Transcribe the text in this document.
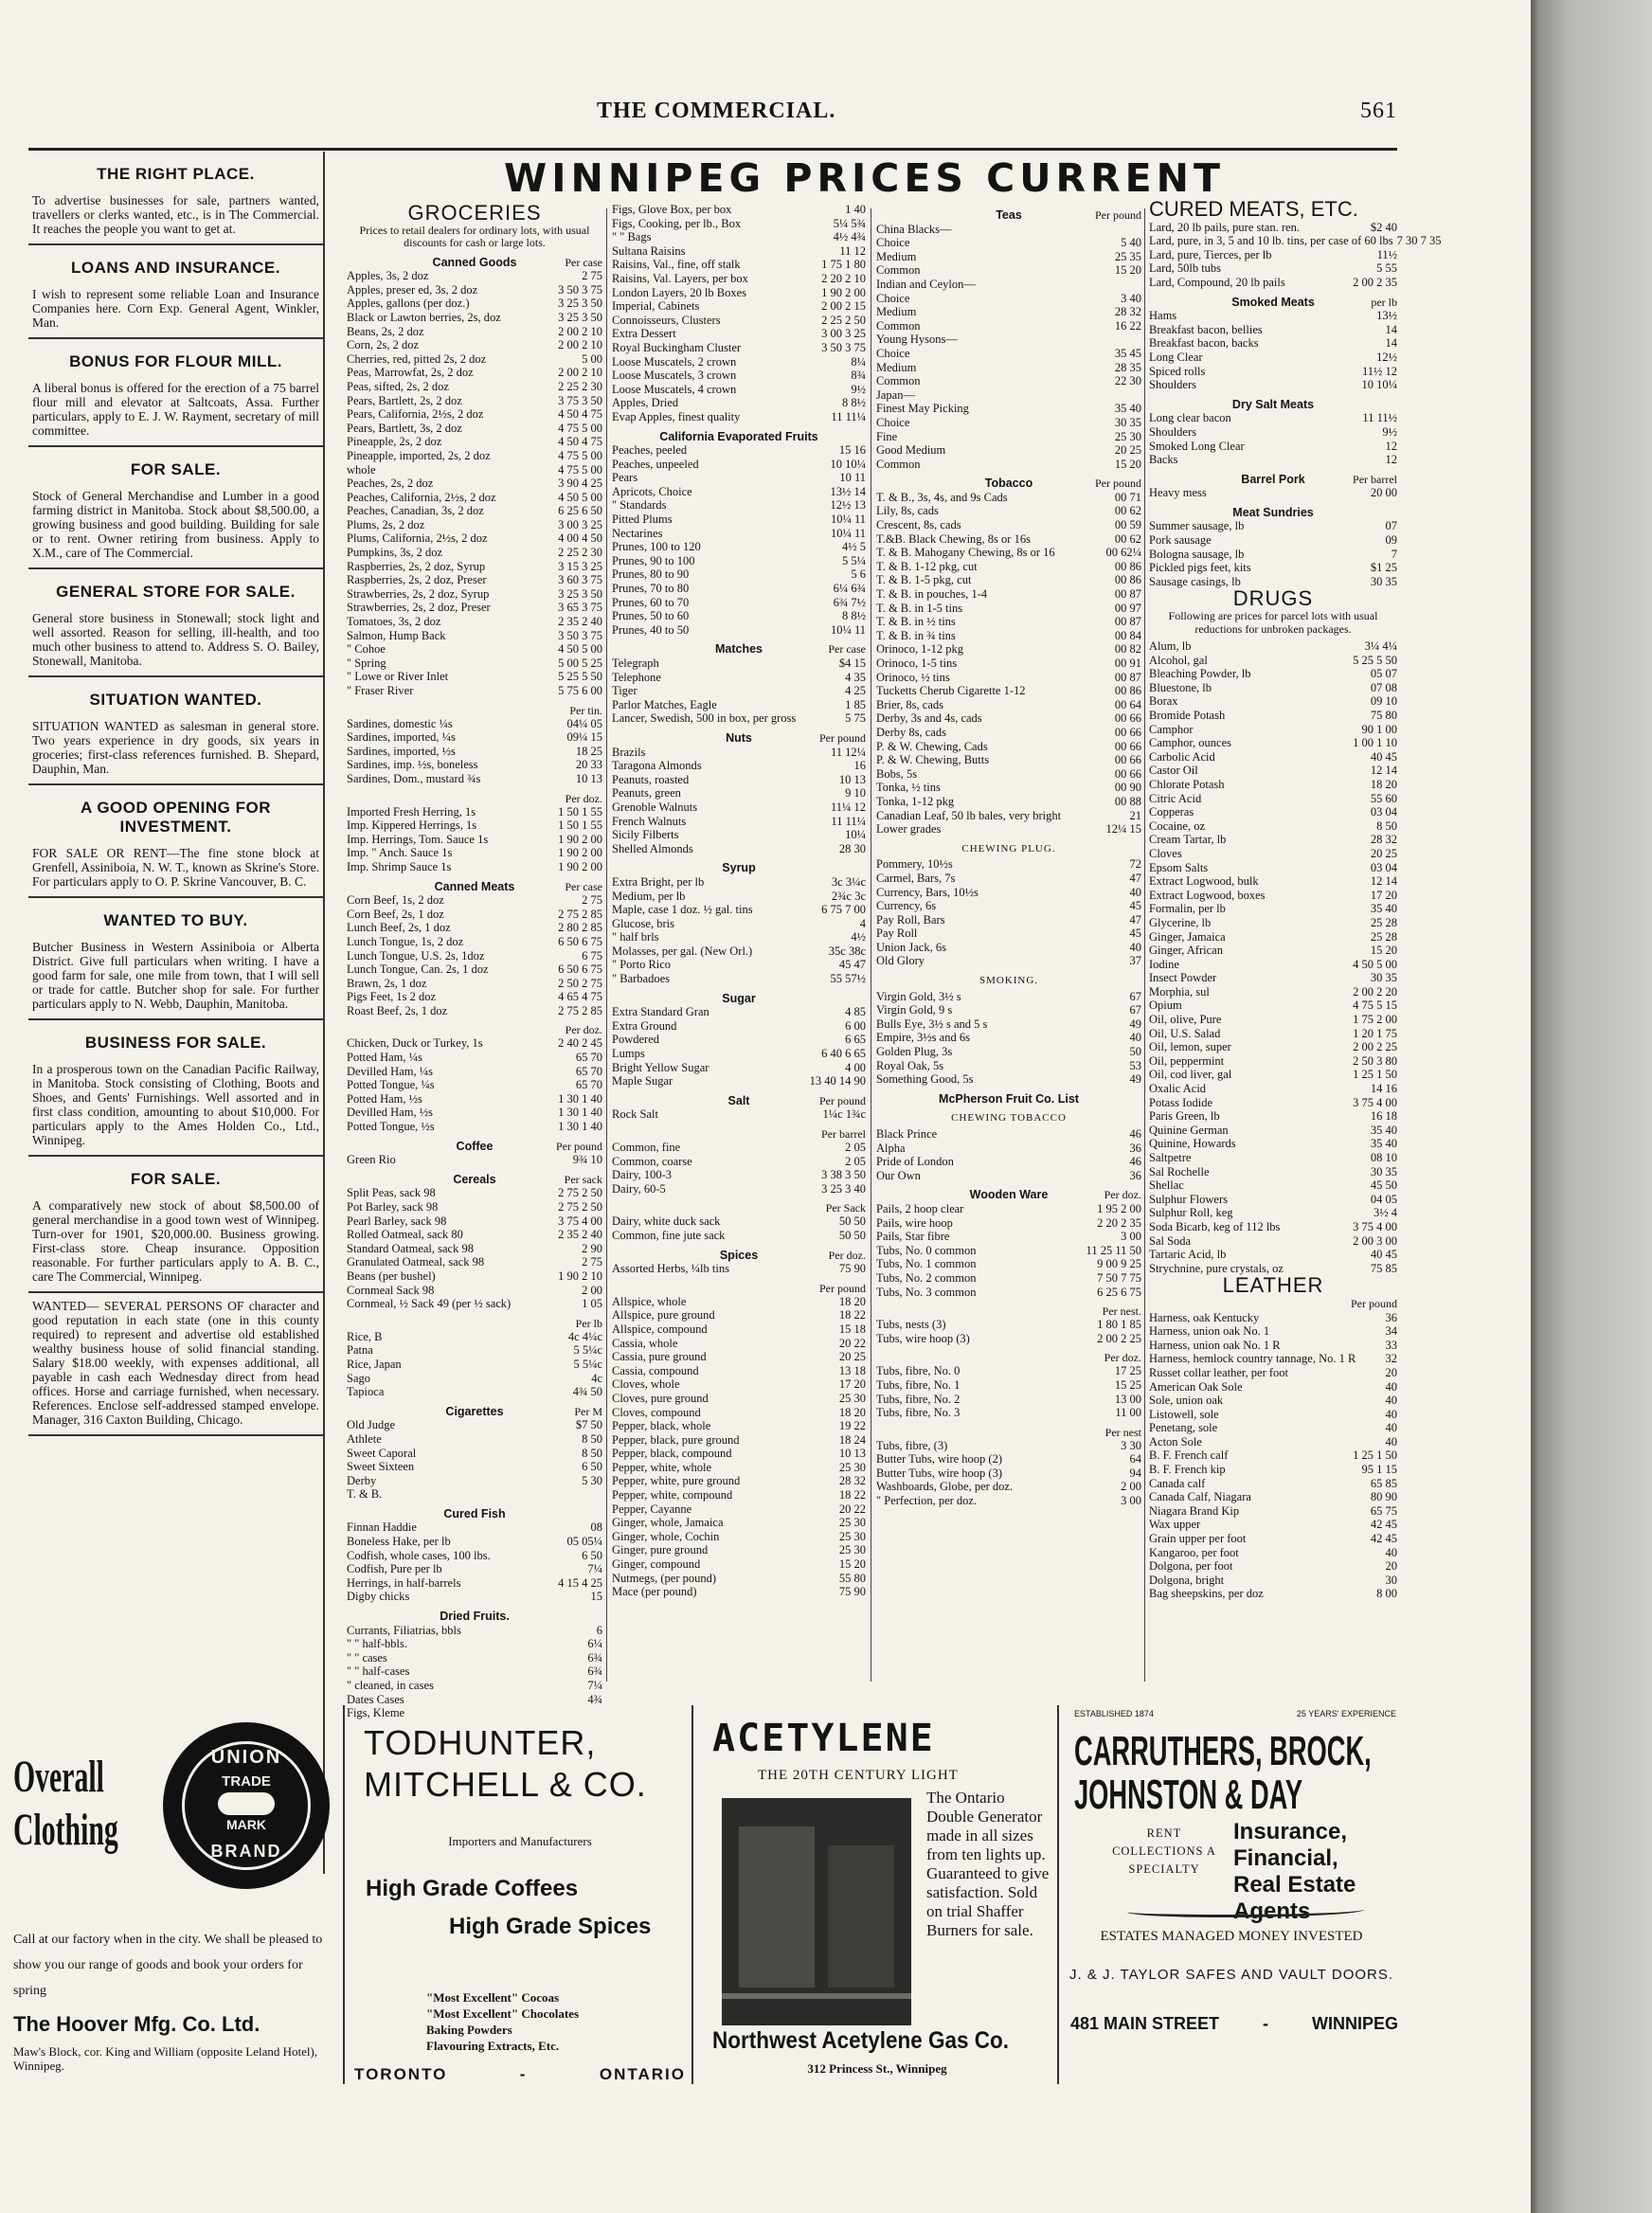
THE COMMERCIAL.	561
THE RIGHT PLACE.

To advertise businesses for sale, partners wanted, travellers or clerks wanted, etc., is in The Commercial. It reaches the people you want to get at.

LOANS AND INSURANCE.

I wish to represent some reliable Loan and Insurance Companies here. Corn Exp. General Agent, Winkler, Man.

BONUS FOR FLOUR MILL.

A liberal bonus is offered for the erection of a 75 barrel flour mill and elevator at Saltcoats, Assa. Further particulars, apply to E. J. W. Rayment, secretary of mill committee.

FOR SALE.

Stock of General Merchandise and Lumber in a good farming district in Manitoba. Stock about $8,500.00, a growing business and good building. Building for sale or to rent. Owner retiring from business. Apply to X.M., care of The Commercial.

GENERAL STORE FOR SALE.

General store business in Stonewall; stock light and well assorted. Reason for selling, ill-health, and too much other business to attend to. Address S. O. Bailey, Stonewall, Manitoba.

SITUATION WANTED.

SITUATION WANTED as salesman in general store. Two years experience in dry goods, six years in groceries; first-class references furnished. B. Shepard, Dauphin, Man.

A GOOD OPENING FOR INVESTMENT.

FOR SALE OR RENT—The fine stone block at Grenfell, Assiniboia, N. W. T., known as Skrine's Store. For particulars apply to O. P. Skrine Vancouver, B. C.

WANTED TO BUY.

Butcher Business in Western Assiniboia or Alberta District. Give full particulars when writing. I have a good farm for sale, one mile from town, that I will sell or trade for cattle. Butcher shop for sale. For further particulars apply to N. Webb, Dauphin, Manitoba.

BUSINESS FOR SALE.

In a prosperous town on the Canadian Pacific Railway, in Manitoba. Stock consisting of Clothing, Boots and Shoes, and Gents' Furnishings. Well assorted and in first class condition, amounting to about $10,000. For particulars apply to the Ames Holden Co., Ltd., Winnipeg.

FOR SALE.

A comparatively new stock of about $8,500.00 of general merchandise in a good town west of Winnipeg. Turn-over for 1901, $20,000.00. Business growing. First-class store. Cheap insurance. Opposition reasonable. For further particulars apply to A. B. C., care The Commercial, Winnipeg.

WANTED— SEVERAL PERSONS OF character and good reputation in each state (one in this county required) to represent and advertise old established wealthy business house of solid financial standing. Salary $18.00 weekly, with expenses additional, all payable in cash each Wednesday direct from head offices. Horse and carriage furnished, when necessary. References. Enclose self-addressed stamped envelope. Manager, 316 Caxton Building, Chicago.

WINNIPEG PRICES CURRENT
GROCERIES
Prices to retail dealers for ordinary lots, with usual discounts for cash or large lots.
Canned Goods	Per case
Apples, 3s, 2 doz	2 75
Apples, preser ed, 3s, 2 doz	3 50 3 75
Apples, gallons (per doz.)	3 25 3 50
Black or Lawton berries, 2s, doz	3 25 3 50
Beans, 2s, 2 doz	2 00 2 10
Corn, 2s, 2 doz	2 00 2 10
Cherries, red, pitted 2s, 2 doz	5 00
Peas, Marrowfat, 2s, 2 doz	2 00 2 10
Peas, sifted, 2s, 2 doz	2 25 2 30
Pears, Bartlett, 2s, 2 doz	3 75 3 50
Pears, California, 2½s, 2 doz	4 50 4 75
Pears, Bartlett, 3s, 2 doz	4 75 5 00
Pineapple, 2s, 2 doz	4 50 4 75
Pineapple, imported, 2s, 2 doz	4 75 5 00
whole	4 75 5 00
Peaches, 2s, 2 doz	3 90 4 25
Peaches, California, 2½s, 2 doz	4 50 5 00
Peaches, Canadian, 3s, 2 doz	6 25 6 50
Plums, 2s, 2 doz	3 00 3 25
Plums, California, 2½s, 2 doz	4 00 4 50
Pumpkins, 3s, 2 doz	2 25 2 30
Raspberries, 2s, 2 doz, Syrup	3 15 3 25
Raspberries, 2s, 2 doz, Preser	3 60 3 75
Strawberries, 2s, 2 doz, Syrup	3 25 3 50
Strawberries, 2s, 2 doz, Preser	3 65 3 75
Tomatoes, 3s, 2 doz	2 35 2 40
Salmon, Hump Back	3 50 3 75
" Cohoe	4 50 5 00
" Spring	5 00 5 25
" Lowe or River Inlet	5 25 5 50
" Fraser River	5 75 6 00
Per tin.
Sardines, domestic ¼s	04¼ 05
Sardines, imported, ¼s	09¼ 15
Sardines, imported, ½s	18 25
Sardines, imp. ½s, boneless	20 33
Sardines, Dom., mustard ¾s	10 13
Per doz.
Imported Fresh Herring, 1s	1 50 1 55
Imp. Kippered Herrings, 1s	1 50 1 55
Imp. Herrings, Tom. Sauce 1s	1 90 2 00
Imp. " Anch. Sauce 1s	1 90 2 00
Imp. Shrimp Sauce 1s	1 90 2 00
Canned Meats	Per case
Corn Beef, 1s, 2 doz	2 75
Corn Beef, 2s, 1 doz	2 75 2 85
Lunch Beef, 2s, 1 doz	2 80 2 85
Lunch Tongue, 1s, 2 doz	6 50 6 75
Lunch Tongue, U.S. 2s, 1doz	6 75
Lunch Tongue, Can. 2s, 1 doz	6 50 6 75
Brawn, 2s, 1 doz	2 50 2 75
Pigs Feet, 1s 2 doz	4 65 4 75
Roast Beef, 2s, 1 doz	2 75 2 85
Per doz.
Chicken, Duck or Turkey, 1s	2 40 2 45
Potted Ham, ¼s	65 70
Devilled Ham, ¼s	65 70
Potted Tongue, ¼s	65 70
Potted Ham, ½s	1 30 1 40
Devilled Ham, ½s	1 30 1 40
Potted Tongue, ½s	1 30 1 40
Coffee	Per pound
Green Rio	9¾ 10
Cereals	Per sack
Split Peas, sack 98	2 75 2 50
Pot Barley, sack 98	2 75 2 50
Pearl Barley, sack 98	3 75 4 00
Rolled Oatmeal, sack 80	2 35 2 40
Standard Oatmeal, sack 98	2 90
Granulated Oatmeal, sack 98	2 75
Beans (per bushel)	1 90 2 10
Cornmeal Sack 98	2 00
Cornmeal, ½ Sack 49 (per ½ sack)	1 05
Per lb
Rice, B	4c 4¼c
Patna	5 5¼c
Rice, Japan	5 5¼c
Sago	4c
Tapioca	4¾ 50
Cigarettes	Per M
Old Judge	$7 50
Athlete	8 50
Sweet Caporal	8 50
Sweet Sixteen	6 50
Derby	5 30
T. & B.
Cured Fish
Finnan Haddie	08
Boneless Hake, per lb	05 05¼
Codfish, whole cases, 100 lbs.	6 50
Codfish, Pure per lb	7¼
Herrings, in half-barrels	4 15 4 25
Digby chicks	15
Dried Fruits.
Currants, Filiatrias, bbls	6
" " half-bbls.	6¼
" " cases	6¾
" " half-cases	6¾
" cleaned, in cases	7¼
Dates Cases	4¾
Figs, Kleme
Figs, Glove Box, per box	1 40
Figs, Cooking, per lb., Box	5¼ 5¾
" " Bags	4½ 4¾
Sultana Raisins	11 12
Raisins, Val., fine, off stalk	1 75 1 80
Raisins, Val. Layers, per box	2 20 2 10
London Layers, 20 lb Boxes	1 90 2 00
Imperial, Cabinets	2 00 2 15
Connoisseurs, Clusters	2 25 2 50
Extra Dessert	3 00 3 25
Royal Buckingham Cluster	3 50 3 75
Loose Muscatels, 2 crown	8¼
Loose Muscatels, 3 crown	8¾
Loose Muscatels, 4 crown	9½
Apples, Dried	8 8½
Evap Apples, finest quality	11 11¼
California Evaporated Fruits
Peaches, peeled	15 16
Peaches, unpeeled	10 10¼
Pears	10 11
Apricots, Choice	13½ 14
" Standards	12½ 13
Pitted Plums	10¼ 11
Nectarines	10¼ 11
Prunes, 100 to 120	4½ 5
Prunes, 90 to 100	5 5¼
Prunes, 80 to 90	5 6
Prunes, 70 to 80	6¼ 6¾
Prunes, 60 to 70	6¾ 7½
Prunes, 50 to 60	8 8½
Prunes, 40 to 50	10¼ 11
Matches	Per case
Telegraph	$4 15
Telephone	4 35
Tiger	4 25
Parlor Matches, Eagle	1 85
Lancer, Swedish, 500 in box, per gross	5 75
Nuts	Per pound
Brazils	11 12¼
Taragona Almonds	16
Peanuts, roasted	10 13
Peanuts, green	9 10
Grenoble Walnuts	11¼ 12
French Walnuts	11 11¼
Sicily Filberts	10¼
Shelled Almonds	28 30
Syrup
Extra Bright, per lb	3c 3¼c
Medium, per lb	2¾c 3c
Maple, case 1 doz. ½ gal. tins	6 75 7 00
Glucose, bris	4
" half brls	4½
Molasses, per gal. (New Orl.)	35c 38c
" Porto Rico	45 47
" Barbadoes	55 57½
Sugar
Extra Standard Gran	4 85
Extra Ground	6 00
Powdered	6 65
Lumps	6 40 6 65
Bright Yellow Sugar	4 00
Maple Sugar	13 40 14 90
Salt	Per pound
Rock Salt	1¼c 1¾c
Per barrel
Common, fine	2 05
Common, coarse	2 05
Dairy, 100-3	3 38 3 50
Dairy, 60-5	3 25 3 40
Per Sack
Dairy, white duck sack	50 50
Common, fine jute sack	50 50
Spices	Per doz.
Assorted Herbs, ¼lb tins	75 90
Per pound
Allspice, whole	18 20
Allspice, pure ground	18 22
Allspice, compound	15 18
Cassia, whole	20 22
Cassia, pure ground	20 25
Cassia, compound	13 18
Cloves, whole	17 20
Cloves, pure ground	25 30
Cloves, compound	18 20
Pepper, black, whole	19 22
Pepper, black, pure ground	18 24
Pepper, black, compound	10 13
Pepper, white, whole	25 30
Pepper, white, pure ground	28 32
Pepper, white, compound	18 22
Pepper, Cayanne	20 22
Ginger, whole, Jamaica	25 30
Ginger, whole, Cochin	25 30
Ginger, pure ground	25 30
Ginger, compound	15 20
Nutmegs, (per pound)	55 80
Mace (per pound)	75 90
Teas	Per pound
China Blacks—
Choice	5 40
Medium	25 35
Common	15 20
Indian and Ceylon—
Choice	3 40
Medium	28 32
Common	16 22
Young Hysons—
Choice	35 45
Medium	28 35
Common	22 30
Japan—
Finest May Picking	35 40
Choice	30 35
Fine	25 30
Good Medium	20 25
Common	15 20
Tobacco	Per pound
T. & B., 3s, 4s, and 9s Cads	00 71
Lily, 8s, cads	00 62
Crescent, 8s, cads	00 59
T.&B. Black Chewing, 8s or 16s	00 62
T. & B. Mahogany Chewing, 8s or 16	00 62¼
T. & B. 1-12 pkg, cut	00 86
T. & B. 1-5 pkg, cut	00 86
T. & B. in pouches, 1-4	00 87
T. & B. in 1-5 tins	00 97
T. & B. in ½ tins	00 87
T. & B. in ¾ tins	00 84
Orinoco, 1-12 pkg	00 82
Orinoco, 1-5 tins	00 91
Orinoco, ½ tins	00 87
Tucketts Cherub Cigarette 1-12	00 86
Brier, 8s, cads	00 64
Derby, 3s and 4s, cads	00 66
Derby 8s, cads	00 66
P. & W. Chewing, Cads	00 66
P. & W. Chewing, Butts	00 66
Bobs, 5s	00 66
Tonka, ½ tins	00 90
Tonka, 1-12 pkg	00 88
Canadian Leaf, 50 lb bales, very bright	21
Lower grades	12¼ 15
CHEWING PLUG.
Pommery, 10½s	72
Carmel, Bars, 7s	47
Currency, Bars, 10½s	40
Currency, 6s	45
Pay Roll, Bars	47
Pay Roll	45
Union Jack, 6s	40
Old Glory	37
SMOKING.
Virgin Gold, 3½ s	67
Virgin Gold, 9 s	67
Bulls Eye, 3½ s and 5 s	49
Empire, 3½s and 6s	40
Golden Plug, 3s	50
Royal Oak, 5s	53
Something Good, 5s	49
McPherson Fruit Co. List
CHEWING TOBACCO
Black Prince	46
Alpha	36
Pride of London	46
Our Own	36
Wooden Ware	Per doz.
Pails, 2 hoop clear	1 95 2 00
Pails, wire hoop	2 20 2 35
Pails, Star fibre	3 00
Tubs, No. 0 common	11 25 11 50
Tubs, No. 1 common	9 00 9 25
Tubs, No. 2 common	7 50 7 75
Tubs, No. 3 common	6 25 6 75
Per nest.
Tubs, nests (3)	1 80 1 85
Tubs, wire hoop (3)	2 00 2 25
Per doz.
Tubs, fibre, No. 0	17 25
Tubs, fibre, No. 1	15 25
Tubs, fibre, No. 2	13 00
Tubs, fibre, No. 3	11 00
Per nest
Tubs, fibre, (3)	3 30
Butter Tubs, wire hoop (2)	64
Butter Tubs, wire hoop (3)	94
Washboards, Globe, per doz.	2 00
" Perfection, per doz.	3 00
CURED MEATS, ETC.
Lard, 20 lb pails, pure stan. ren.	$2 40
Lard, pure, in 3, 5 and 10 lb. tins, per case of 60 lbs 7 30 7 35
Lard, pure, Tierces, per lb	11½
Lard, 50lb tubs	5 55
Lard, Compound, 20 lb pails	2 00 2 35
Smoked Meats	per lb
Hams	13½
Breakfast bacon, bellies	14
Breakfast bacon, backs	14
Long Clear	12½
Spiced rolls	11½ 12
Shoulders	10 10¼
Dry Salt Meats
Long clear bacon	11 11½
Shoulders	9½
Smoked Long Clear	12
Backs	12
Barrel Pork	Per barrel
Heavy mess	20 00
Meat Sundries
Summer sausage, lb	07
Pork sausage	09
Bologna sausage, lb	7
Pickled pigs feet, kits	$1 25
Sausage casings, lb	30 35
DRUGS
Following are prices for parcel lots with usual reductions for unbroken packages.
Alum, lb	3¼ 4¼
Alcohol, gal	5 25 5 50
Bleaching Powder, lb	05 07
Bluestone, lb	07 08
Borax	09 10
Bromide Potash	75 80
Camphor	90 1 00
Camphor, ounces	1 00 1 10
Carbolic Acid	40 45
Castor Oil	12 14
Chlorate Potash	18 20
Citric Acid	55 60
Copperas	03 04
Cocaine, oz	8 50
Cream Tartar, lb	28 32
Cloves	20 25
Epsom Salts	03 04
Extract Logwood, bulk	12 14
Extract Logwood, boxes	17 20
Formalin, per lb	35 40
Glycerine, lb	25 28
Ginger, Jamaica	25 28
Ginger, African	15 20
Iodine	4 50 5 00
Insect Powder	30 35
Morphia, sul	2 00 2 20
Opium	4 75 5 15
Oil, olive, Pure	1 75 2 00
Oil, U.S. Salad	1 20 1 75
Oil, lemon, super	2 00 2 25
Oil, peppermint	2 50 3 80
Oil, cod liver, gal	1 25 1 50
Oxalic Acid	14 16
Potass Iodide	3 75 4 00
Paris Green, lb	16 18
Quinine German	35 40
Quinine, Howards	35 40
Saltpetre	08 10
Sal Rochelle	30 35
Shellac	45 50
Sulphur Flowers	04 05
Sulphur Roll, keg	3½ 4
Soda Bicarb, keg of 112 lbs	3 75 4 00
Sal Soda	2 00 3 00
Tartaric Acid, lb	40 45
Strychnine, pure crystals, oz	75 85
LEATHER
Per pound
Harness, oak Kentucky	36
Harness, union oak No. 1	34
Harness, union oak No. 1 R	33
Harness, hemlock country tannage, No. 1 R	32
Russet collar leather, per foot	20
American Oak Sole	40
Sole, union oak	40
Listowell, sole	40
Penetang, sole	40
Acton Sole	40
B. F. French calf	1 25 1 50
B. F. French kip	95 1 15
Canada calf	65 85
Canada Calf, Niagara	80 90
Niagara Brand Kip	65 75
Wax upper	42 45
Grain upper per foot	42 45
Kangaroo, per foot	40
Dolgona, per foot	20
Dolgona, bright	30
Bag sheepskins, per doz	8 00
Overall
Clothing
UNION
TRADE
MARK
BRAND
Call at our factory when in the city. We shall be pleased to show you our range of goods and book your orders for spring
The Hoover Mfg. Co. Ltd.
Maw's Block, cor. King and William (opposite Leland Hotel), Winnipeg.
TODHUNTER,
MITCHELL & CO.
Importers and Manufacturers
High Grade Coffees
High Grade Spices
"Most Excellent" Cocoas
"Most Excellent" Chocolates
Baking Powders
Flavouring Extracts, Etc.
TORONTO	-	ONTARIO
ACETYLENE
THE 20TH CENTURY LIGHT
The Ontario Double Generator made in all sizes from ten lights up. Guaranteed to give satisfaction. Sold on trial Shaffer Burners for sale.
Northwest Acetylene Gas Co.
312 Princess St., Winnipeg
ESTABLISHED 1874	25 YEARS' EXPERIENCE
CARRUTHERS, BROCK,
JOHNSTON & DAY
RENT COLLECTIONS A SPECIALTY
Insurance,
Financial,
Real Estate
Agents
ESTATES MANAGED MONEY INVESTED
J. & J. TAYLOR SAFES AND VAULT DOORS.
481 MAIN STREET	-	WINNIPEG
